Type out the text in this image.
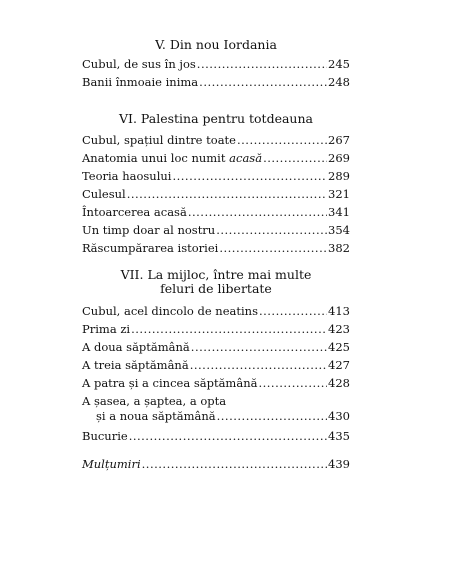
V. Din nou Iordania
Cubul, de sus în jos .....	245
Banii înmoaie inima .....	248
VI. Palestina pentru totdeauna
Cubul, spațiul dintre toate .....	267
Anatomia unui loc numit acasă .....	269
Teoria haosului .....	289
Culesul .....	321
Întoarcerea acasă .....	341
Un timp doar al nostru .....	354
Răscumpărarea istoriei .....	382
VII. La mijloc, între mai multe
feluri de libertate
Cubul, acel dincolo de neatins .....	413
Prima zi .....	423
A doua săptămână .....	425
A treia săptămână .....	427
A patra și a cincea săptămână .....	428
A șasea, a șaptea, a opta
și a noua săptămână .....	430
Bucurie .....	435
Mulțumiri .....	439
